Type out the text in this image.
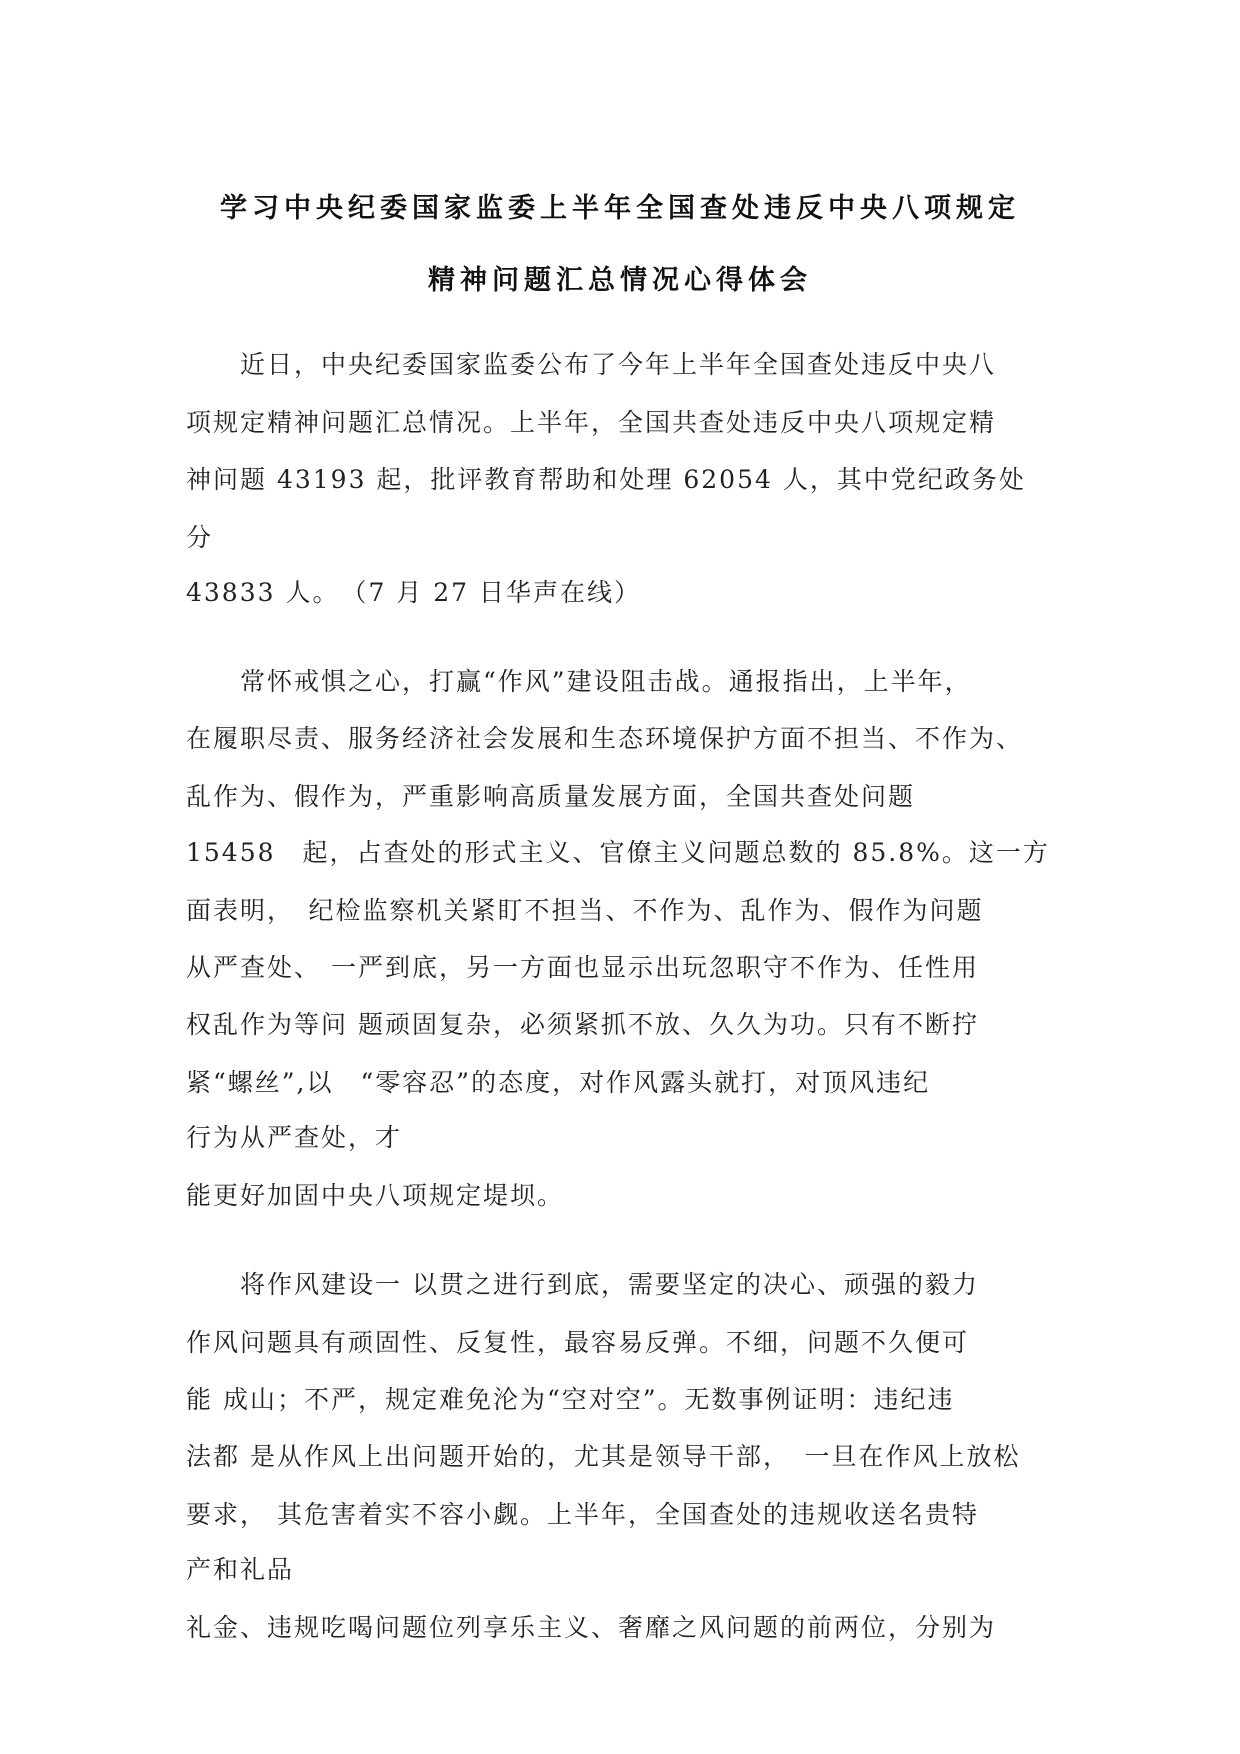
学习中央纪委国家监委上半年全国查处违反中央八项规定
精神问题汇总情况心得体会
　　近日，中央纪委国家监委公布了今年上半年全国查处违反中央八
项规定精神问题汇总情况。上半年，全国共查处违反中央八项规定精
神问题 43193 起，批评教育帮助和处理 62054 人，其中党纪政务处
分
43833 人。　（7 月 27 日华声在线）
　　常怀戒惧之心，打赢“作风”建设阻击战。通报指出，上半年，
在履职尽责、服务经济社会发展和生态环境保护方面不担当、不作为、
乱作为、假作为，严重影响高质量发展方面，全国共查处问题
15458　起，占查处的形式主义、官僚主义问题总数的 85.8%。这一方
面表明，　纪检监察机关紧盯不担当、不作为、乱作为、假作为问题
从严查处、 一严到底，另一方面也显示出玩忽职守不作为、任性用
权乱作为等问 题顽固复杂，必须紧抓不放、久久为功。只有不断拧
紧“螺丝”,以　“零容忍”的态度，对作风露头就打，对顶风违纪
行为从严查处，才
能更好加固中央八项规定堤坝。
　　将作风建设一 以贯之进行到底，需要坚定的决心、顽强的毅力
作风问题具有顽固性、反复性，最容易反弹。不细，问题不久便可
能 成山；不严，规定难免沦为“空对空”。无数事例证明：违纪违
法都 是从作风上出问题开始的，尤其是领导干部，　一旦在作风上放松
要求， 其危害着实不容小觑。上半年，全国查处的违规收送名贵特
产和礼品
礼金、违规吃喝问题位列享乐主义、奢靡之风问题的前两位，分别为
